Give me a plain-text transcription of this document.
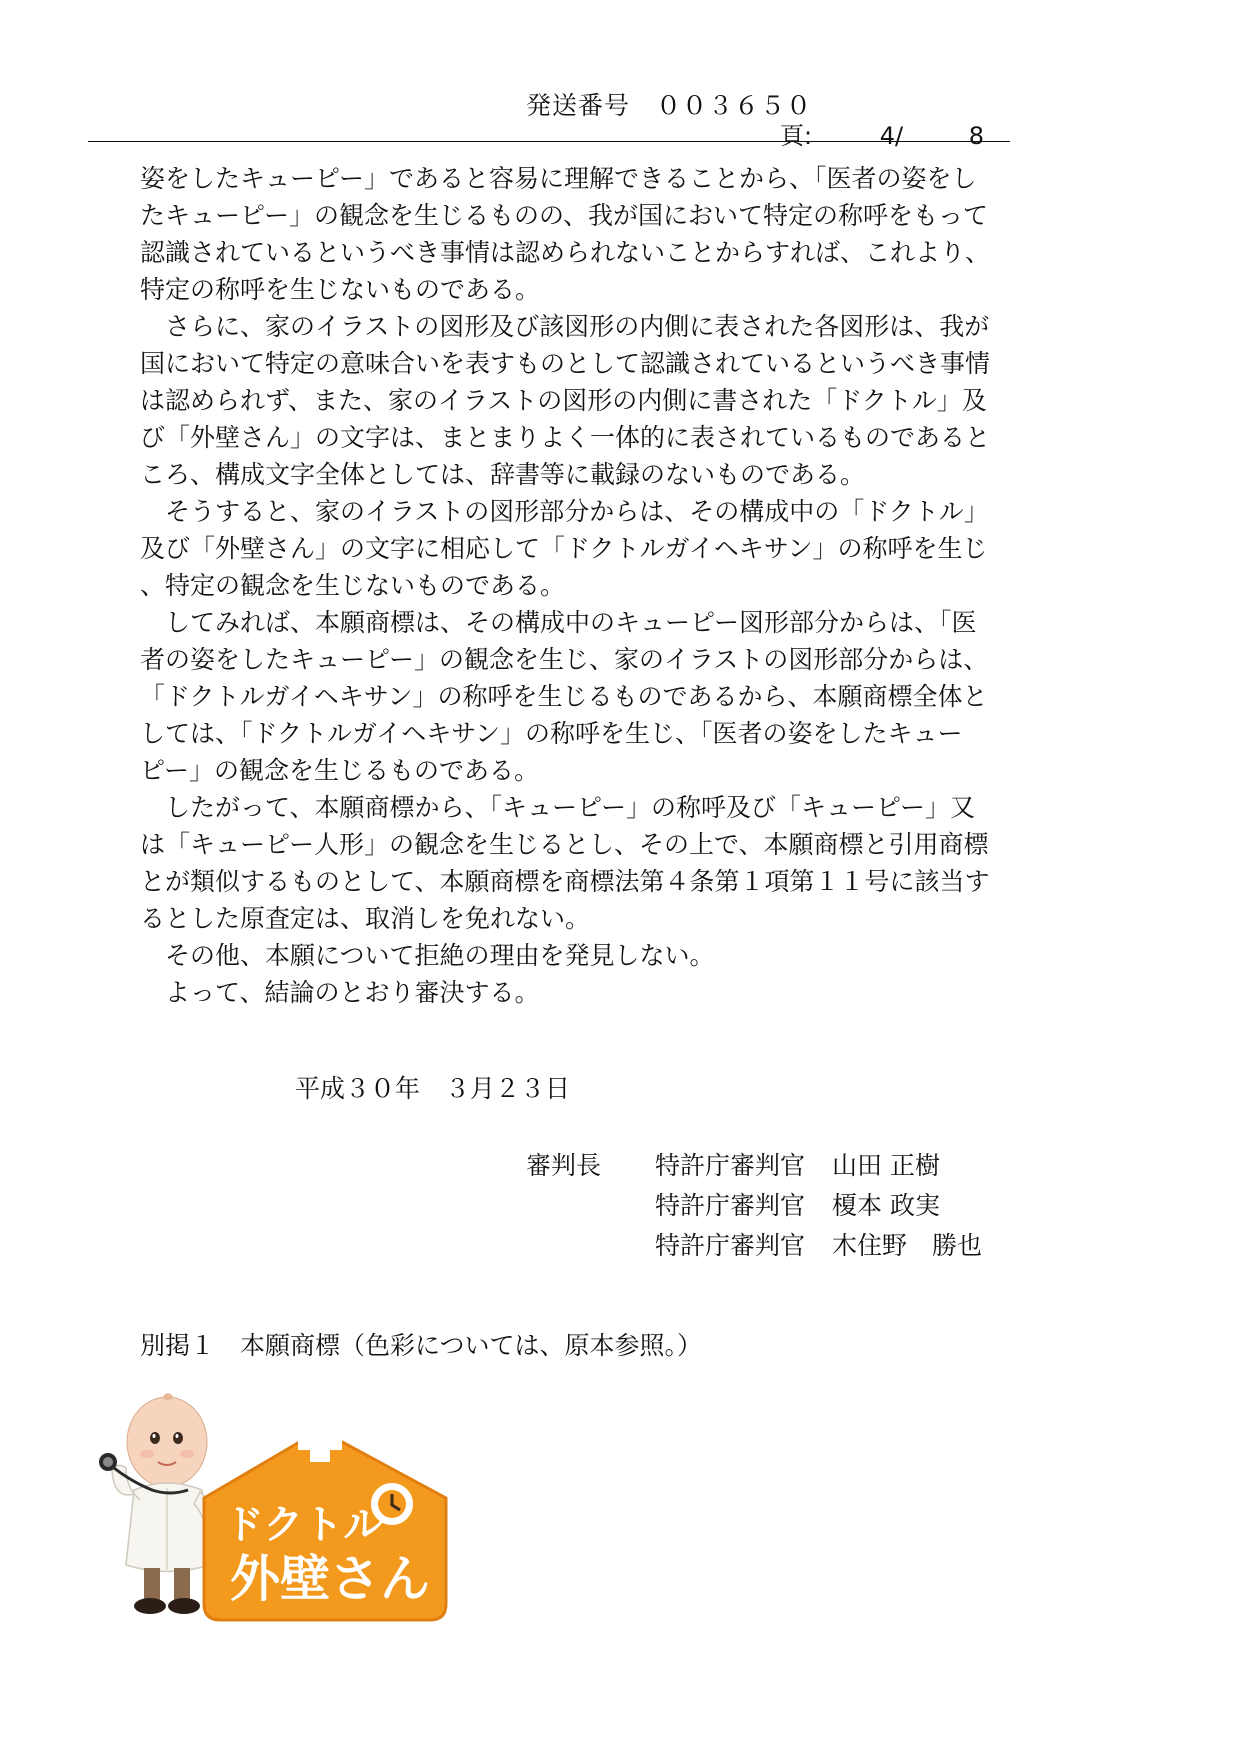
発送番号　００３６５０
頁:	4/	8
姿をしたキューピー」であると容易に理解できることから、「医者の姿をし
たキューピー」の観念を生じるものの、我が国において特定の称呼をもって
認識されているというべき事情は認められないことからすれば、これより、
特定の称呼を生じないものである。
　さらに、家のイラストの図形及び該図形の内側に表された各図形は、我が
国において特定の意味合いを表すものとして認識されているというべき事情
は認められず、また、家のイラストの図形の内側に書された「ドクトル」及
び「外壁さん」の文字は、まとまりよく一体的に表されているものであると
ころ、構成文字全体としては、辞書等に載録のないものである。
　そうすると、家のイラストの図形部分からは、その構成中の「ドクトル」
及び「外壁さん」の文字に相応して「ドクトルガイヘキサン」の称呼を生じ
、特定の観念を生じないものである。
　してみれば、本願商標は、その構成中のキューピー図形部分からは、「医
者の姿をしたキューピー」の観念を生じ、家のイラストの図形部分からは、
「ドクトルガイヘキサン」の称呼を生じるものであるから、本願商標全体と
しては、「ドクトルガイヘキサン」の称呼を生じ、「医者の姿をしたキュー
ピー」の観念を生じるものである。
　したがって、本願商標から、「キューピー」の称呼及び「キューピー」又
は「キューピー人形」の観念を生じるとし、その上で、本願商標と引用商標
とが類似するものとして、本願商標を商標法第４条第１項第１１号に該当す
るとした原査定は、取消しを免れない。
　その他、本願について拒絶の理由を発見しない。
　よって、結論のとおり審決する。
平成３０年　３月２３日
審判長 特許庁審判官 山田 正樹
特許庁審判官 榎本 政実
特許庁審判官 木住野　勝也
別掲１　本願商標（色彩については、原本参照。）
ドクトル
外壁さん
